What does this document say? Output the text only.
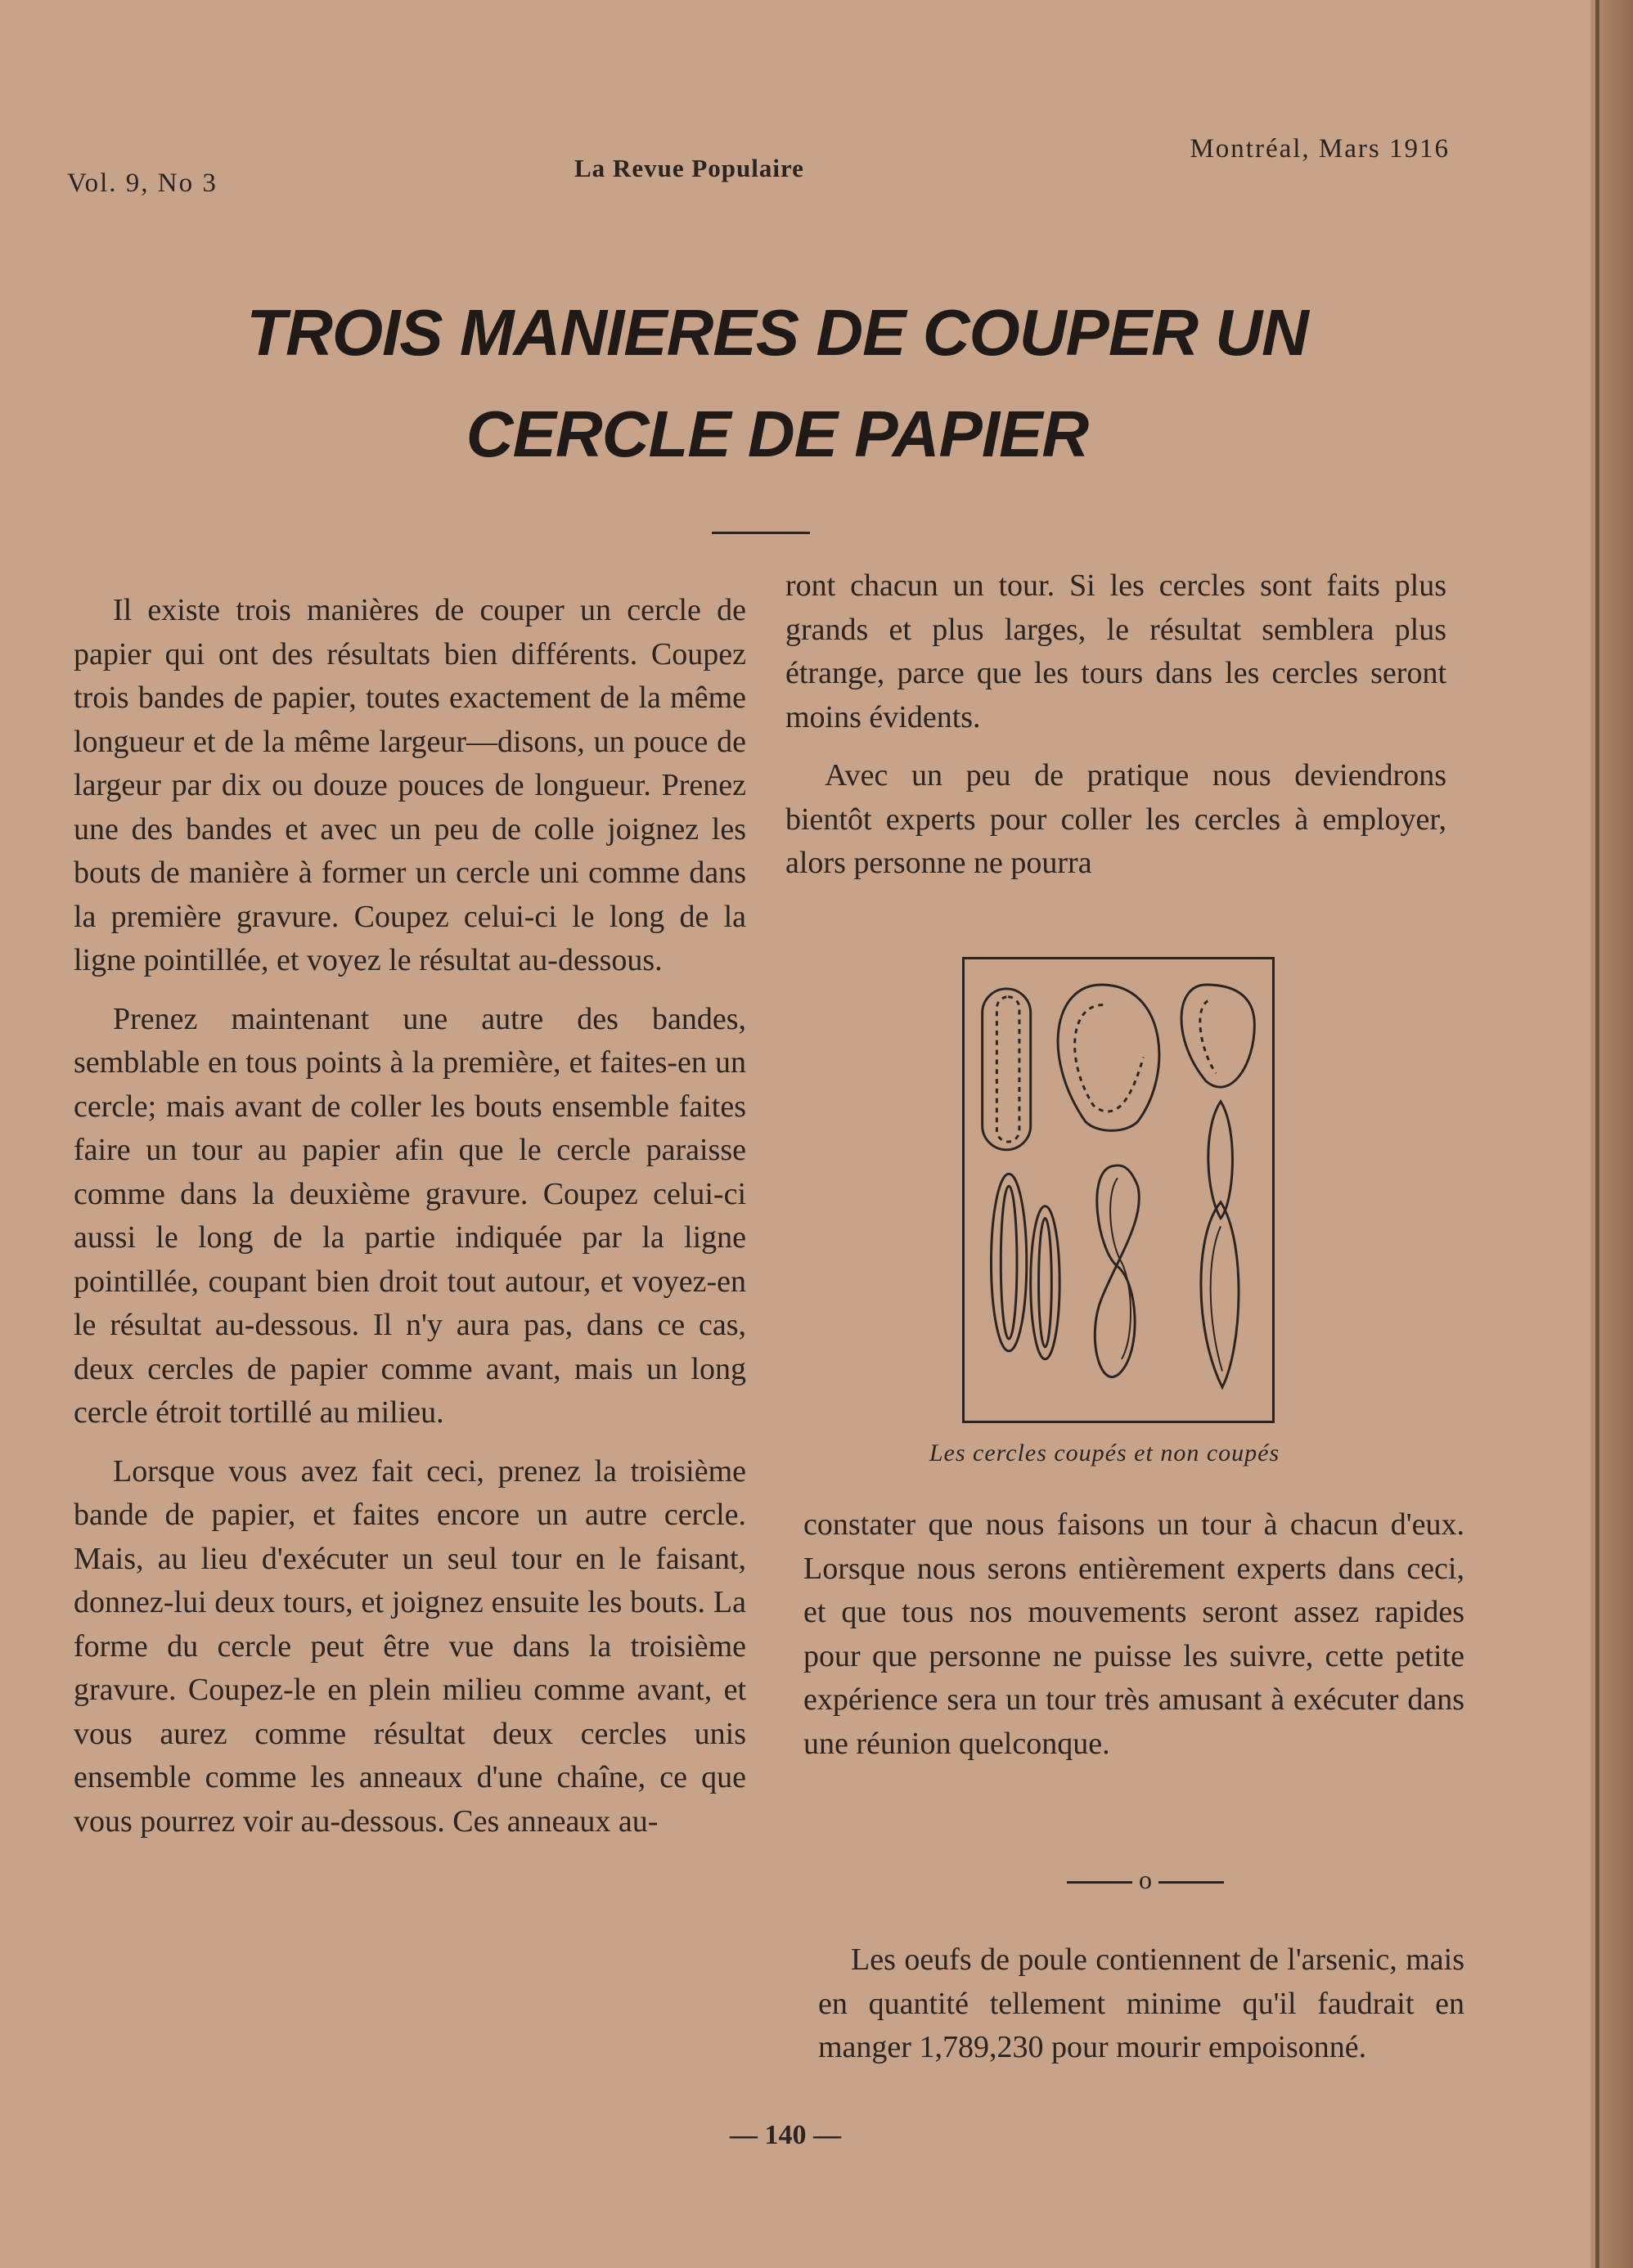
Vol. 9, No 3
La Revue Populaire
Montréal, Mars 1916
TROIS MANIERES DE COUPER UN
CERCLE DE PAPIER

Il existe trois manières de couper un cercle de papier qui ont des résultats bien différents. Coupez trois bandes de papier, toutes exactement de la même longueur et de la même largeur—disons, un pouce de largeur par dix ou douze pouces de longueur. Prenez une des bandes et avec un peu de colle joignez les bouts de manière à former un cercle uni comme dans la première gravure. Coupez celui-ci le long de la ligne pointillée, et voyez le résultat au-dessous.

Prenez maintenant une autre des bandes, semblable en tous points à la première, et faites-en un cercle; mais avant de coller les bouts ensemble faites faire un tour au papier afin que le cercle paraisse comme dans la deuxième gravure. Coupez celui-ci aussi le long de la partie indiquée par la ligne pointillée, coupant bien droit tout autour, et voyez-en le résultat au-dessous. Il n'y aura pas, dans ce cas, deux cercles de papier comme avant, mais un long cercle étroit tortillé au milieu.

Lorsque vous avez fait ceci, prenez la troisième bande de papier, et faites encore un autre cercle. Mais, au lieu d'exécuter un seul tour en le faisant, donnez-lui deux tours, et joignez ensuite les bouts. La forme du cercle peut être vue dans la troisième gravure. Coupez-le en plein milieu comme avant, et vous aurez comme résultat deux cercles unis ensemble comme les anneaux d'une chaîne, ce que vous pourrez voir au-dessous. Ces anneaux au-

ront chacun un tour. Si les cercles sont faits plus grands et plus larges, le résultat semblera plus étrange, parce que les tours dans les cercles seront moins évidents.

Avec un peu de pratique nous deviendrons bientôt experts pour coller les cercles à employer, alors personne ne pourra

Les cercles coupés et non coupés

constater que nous faisons un tour à chacun d'eux. Lorsque nous serons entièrement experts dans ceci, et que tous nos mouvements seront assez rapides pour que personne ne puisse les suivre, cette petite expérience sera un tour très amusant à exécuter dans une réunion quelconque.

o

Les oeufs de poule contiennent de l'arsenic, mais en quantité tellement minime qu'il faudrait en manger 1,789,230 pour mourir empoisonné.

— 140 —
